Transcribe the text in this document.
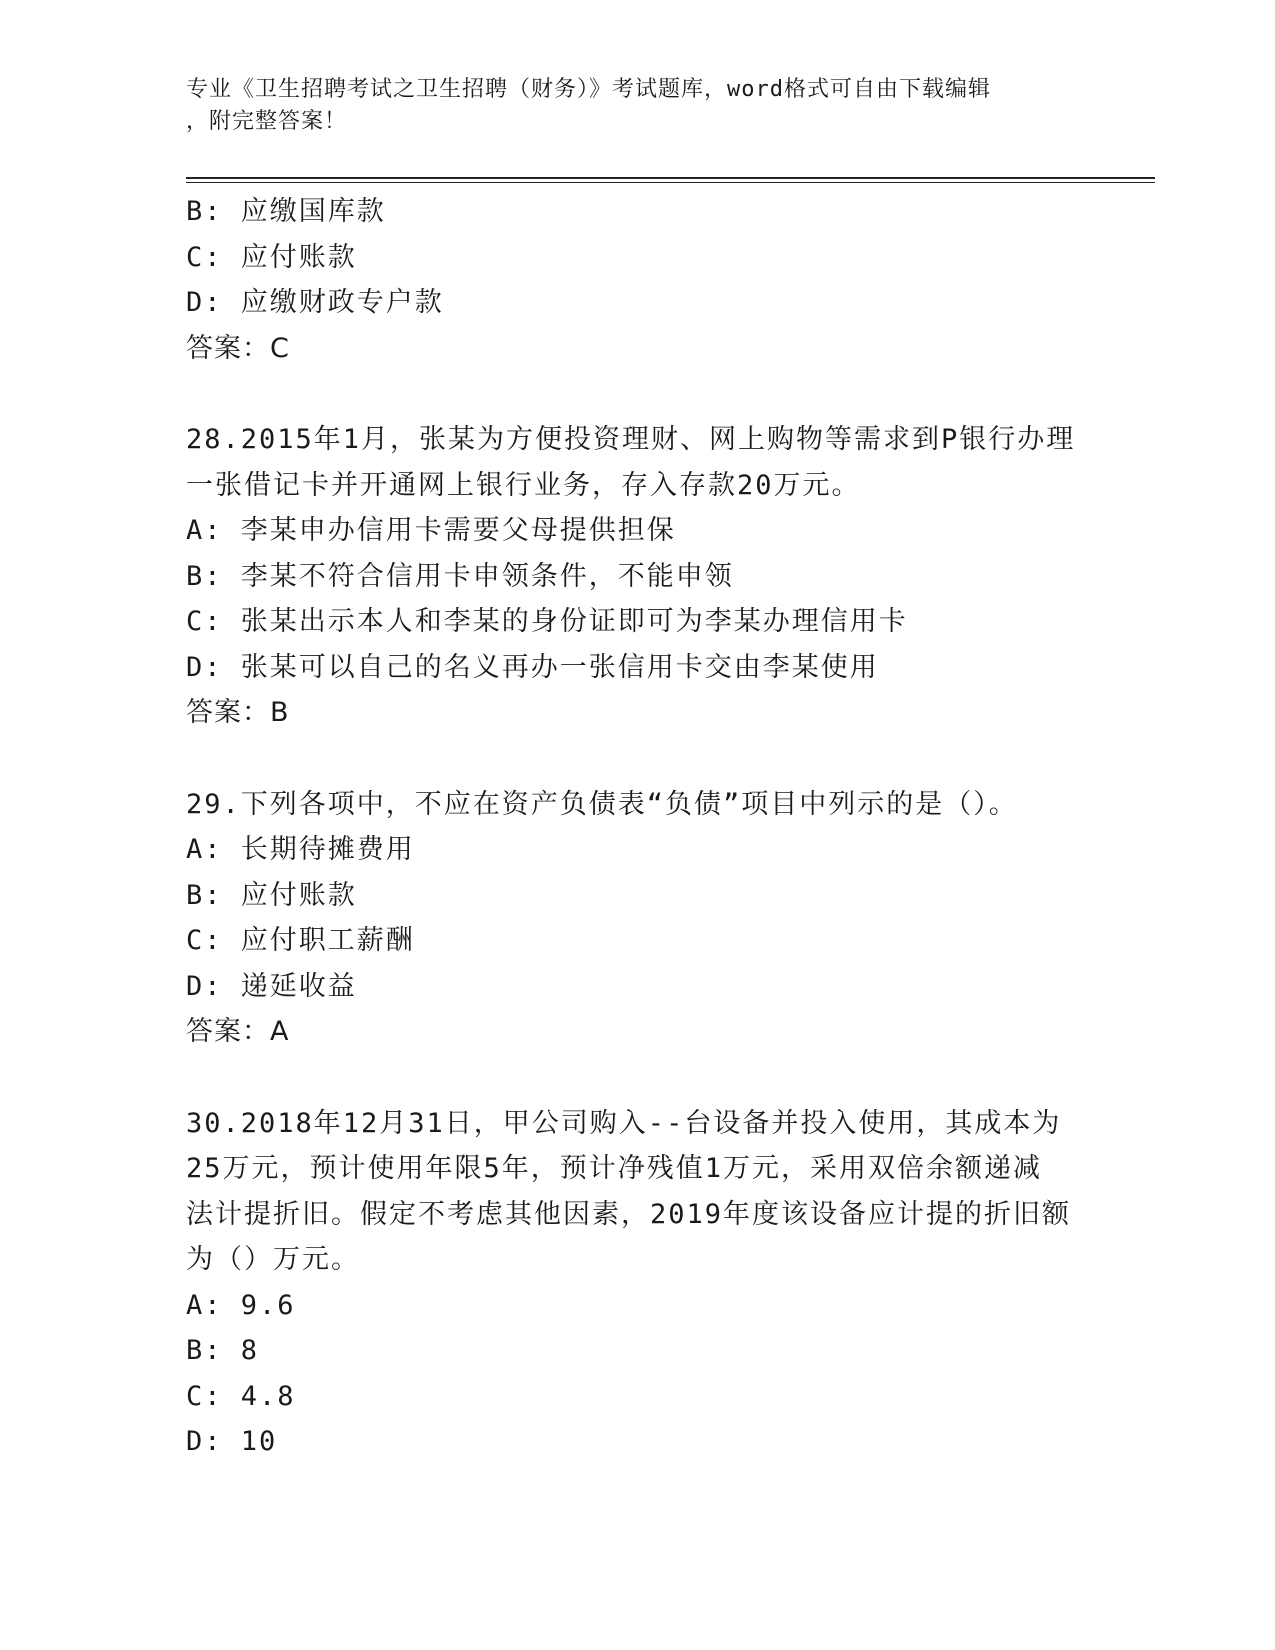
专业《卫生招聘考试之卫生招聘（财务）》考试题库，word格式可自由下载编辑
，附完整答案！
B: 应缴国库款
C: 应付账款
D: 应缴财政专户款
答案：C
28.2015年1月，张某为方便投资理财、网上购物等需求到P银行办理
一张借记卡并开通网上银行业务，存入存款20万元。
A: 李某申办信用卡需要父母提供担保
B: 李某不符合信用卡申领条件，不能申领
C: 张某出示本人和李某的身份证即可为李某办理信用卡
D: 张某可以自己的名义再办一张信用卡交由李某使用
答案：B
29.下列各项中，不应在资产负债表“负债”项目中列示的是（）。
A: 长期待摊费用
B: 应付账款
C: 应付职工薪酬
D: 递延收益
答案：A
30.2018年12月31日，甲公司购入--台设备并投入使用，其成本为
25万元，预计使用年限5年，预计净残值1万元，采用双倍余额递减
法计提折旧。假定不考虑其他因素，2019年度该设备应计提的折旧额
为（）万元。
A: 9.6
B: 8
C: 4.8
D: 10
